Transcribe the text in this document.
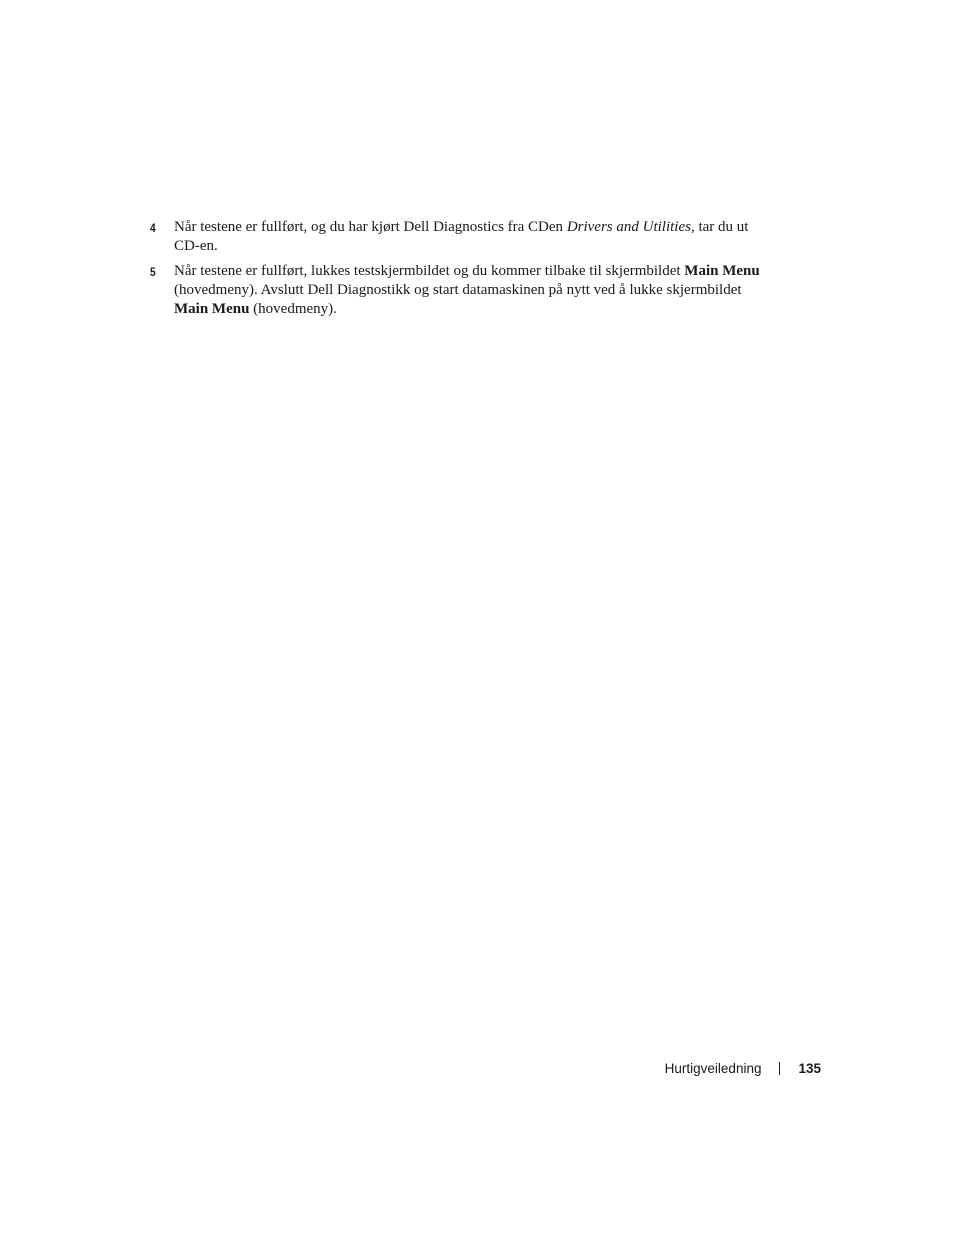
4 Når testene er fullført, og du har kjørt Dell Diagnostics fra CDen Drivers and Utilities, tar du ut CD-en.
5 Når testene er fullført, lukkes testskjermbildet og du kommer tilbake til skjermbildet Main Menu (hovedmeny). Avslutt Dell Diagnostikk og start datamaskinen på nytt ved å lukke skjermbildet Main Menu (hovedmeny).
Hurtigveiledning	135
